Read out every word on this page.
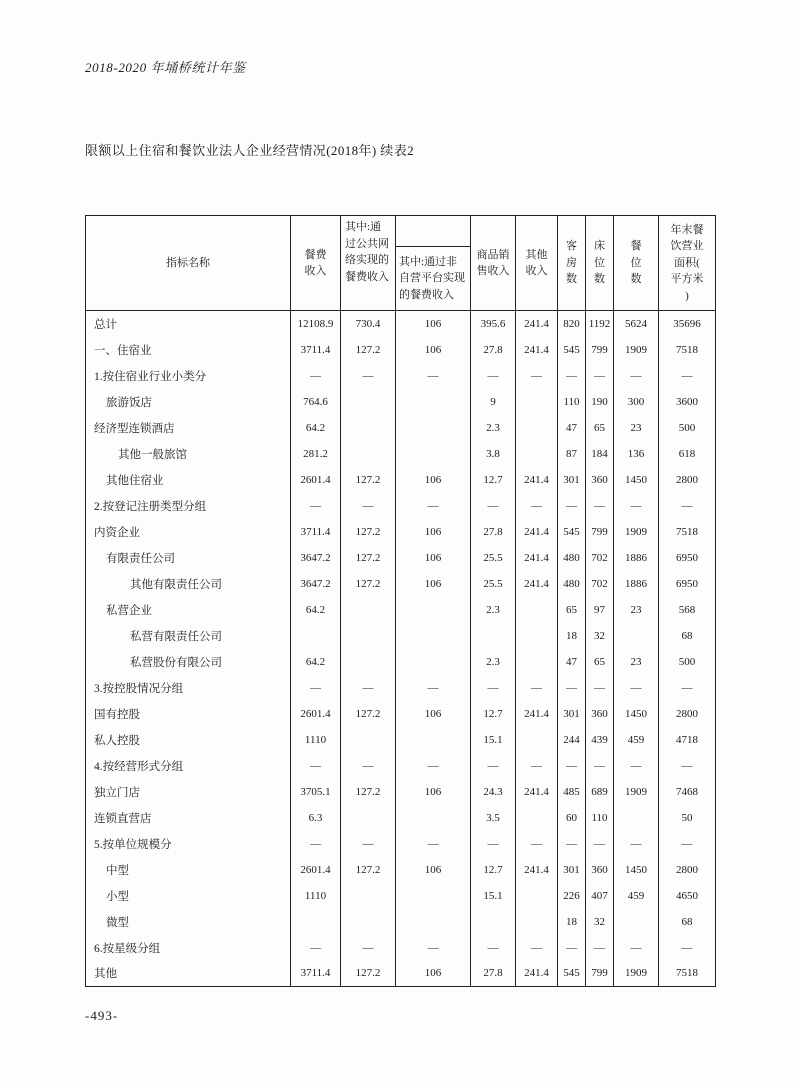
2018-2020 年埇桥统计年鉴
限额以上住宿和餐饮业法人企业经营情况(2018年) 续表2
指标名称	餐费收入	其中:通过公共网络实现的餐费收入	其中:通过非自营平台实现的餐费收入	商品销售收入	其他收入	客房数	床位数	餐位数	年末餐饮营业面积(平方米)
总计	12108.9	730.4	106	395.6	241.4	820	1192	5624	35696
一、住宿业	3711.4	127.2	106	27.8	241.4	545	799	1909	7518
1.按住宿业行业小类分	—	—	—	—	—	—	—	—	—
旅游饭店	764.6			9		110	190	300	3600
经济型连锁酒店	64.2			2.3		47	65	23	500
其他一般旅馆	281.2			3.8		87	184	136	618
其他住宿业	2601.4	127.2	106	12.7	241.4	301	360	1450	2800
2.按登记注册类型分组	—	—	—	—	—	—	—	—	—
内资企业	3711.4	127.2	106	27.8	241.4	545	799	1909	7518
有限责任公司	3647.2	127.2	106	25.5	241.4	480	702	1886	6950
其他有限责任公司	3647.2	127.2	106	25.5	241.4	480	702	1886	6950
私营企业	64.2			2.3		65	97	23	568
私营有限责任公司						18	32		68
私营股份有限公司	64.2			2.3		47	65	23	500
3.按控股情况分组	—	—	—	—	—	—	—	—	—
国有控股	2601.4	127.2	106	12.7	241.4	301	360	1450	2800
私人控股	1110			15.1		244	439	459	4718
4.按经营形式分组	—	—	—	—	—	—	—	—	—
独立门店	3705.1	127.2	106	24.3	241.4	485	689	1909	7468
连锁直营店	6.3			3.5		60	110		50
5.按单位规模分	—	—	—	—	—	—	—	—	—
中型	2601.4	127.2	106	12.7	241.4	301	360	1450	2800
小型	1110			15.1		226	407	459	4650
微型						18	32		68
6.按星级分组	—	—	—	—	—	—	—	—	—
其他	3711.4	127.2	106	27.8	241.4	545	799	1909	7518
-493-
